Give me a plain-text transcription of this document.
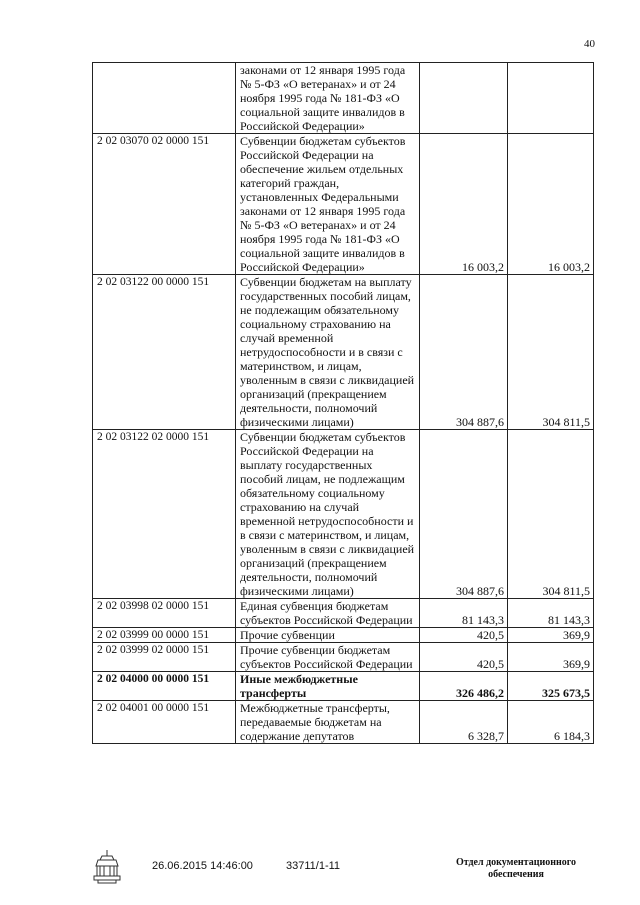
40
	законами от 12 января 1995 года № 5-ФЗ «О ветеранах» и от 24 ноября 1995 года № 181-ФЗ «О социальной защите инвалидов в Российской Федерации»		
2 02 03070 02 0000 151	Субвенции бюджетам субъектов Российской Федерации на обеспечение жильем отдельных категорий граждан, установленных Федеральными законами от 12 января 1995 года № 5-ФЗ «О ветеранах» и от 24 ноября 1995 года № 181-ФЗ «О социальной защите инвалидов в Российской Федерации»	16 003,2	16 003,2
2 02 03122 00 0000 151	Субвенции бюджетам на выплату государственных пособий лицам, не подлежащим обязательному социальному страхованию на случай временной нетрудоспособности и в связи с материнством, и лицам, уволенным в связи с ликвидацией организаций (прекращением деятельности, полномочий физическими лицами)	304 887,6	304 811,5
2 02 03122 02 0000 151	Субвенции бюджетам субъектов Российской Федерации на выплату государственных пособий лицам, не подлежащим обязательному социальному страхованию на случай временной нетрудоспособности и в связи с материнством, и лицам, уволенным в связи с ликвидацией организаций (прекращением деятельности, полномочий физическими лицами)	304 887,6	304 811,5
2 02 03998 02 0000 151	Единая субвенция бюджетам субъектов Российской Федерации	81 143,3	81 143,3
2 02 03999 00 0000 151	Прочие субвенции	420,5	369,9
2 02 03999 02 0000 151	Прочие субвенции бюджетам субъектов Российской Федерации	420,5	369,9
2 02 04000 00 0000 151	Иные межбюджетные трансферты	326 486,2	325 673,5
2 02 04001 00 0000 151	Межбюджетные трансферты, передаваемые бюджетам на содержание депутатов	6 328,7	6 184,3
26.06.2015 14:46:00	33711/1-11	Отдел документационного
обеспечения
